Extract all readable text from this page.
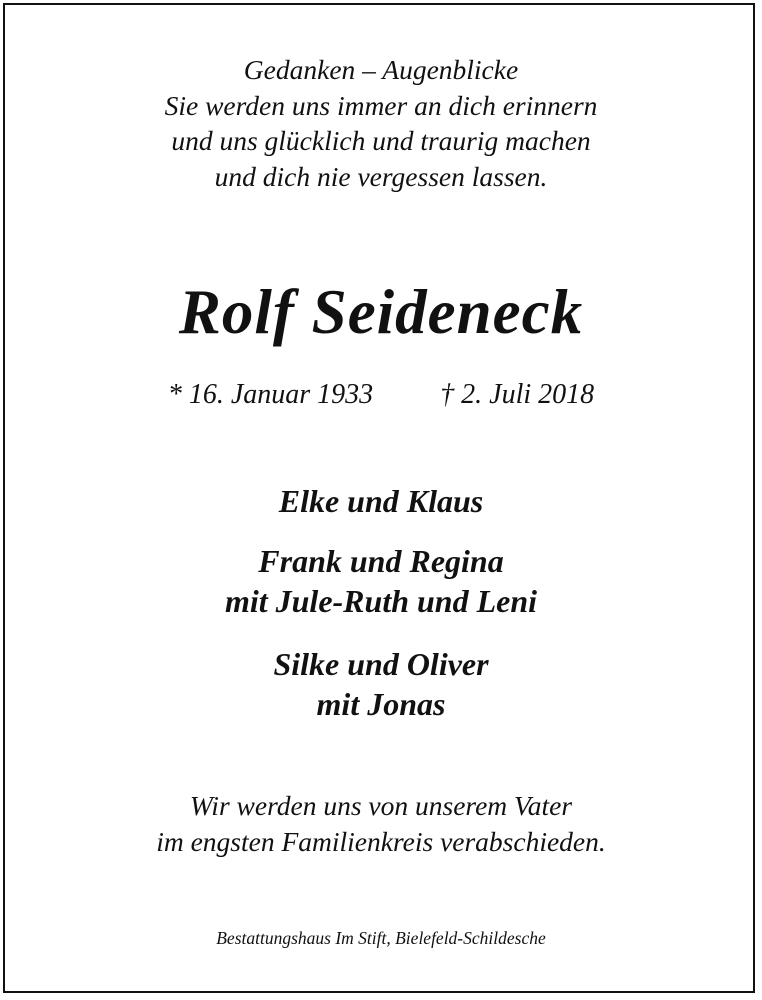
Gedanken – Augenblicke
Sie werden uns immer an dich erinnern
und uns glücklich und traurig machen
und dich nie vergessen lassen.
Rolf Seideneck
* 16. Januar 1933 † 2. Juli 2018
Elke und Klaus
Frank und Regina
mit Jule-Ruth und Leni
Silke und Oliver
mit Jonas
Wir werden uns von unserem Vater
im engsten Familienkreis verabschieden.
Bestattungshaus Im Stift, Bielefeld-Schildesche
